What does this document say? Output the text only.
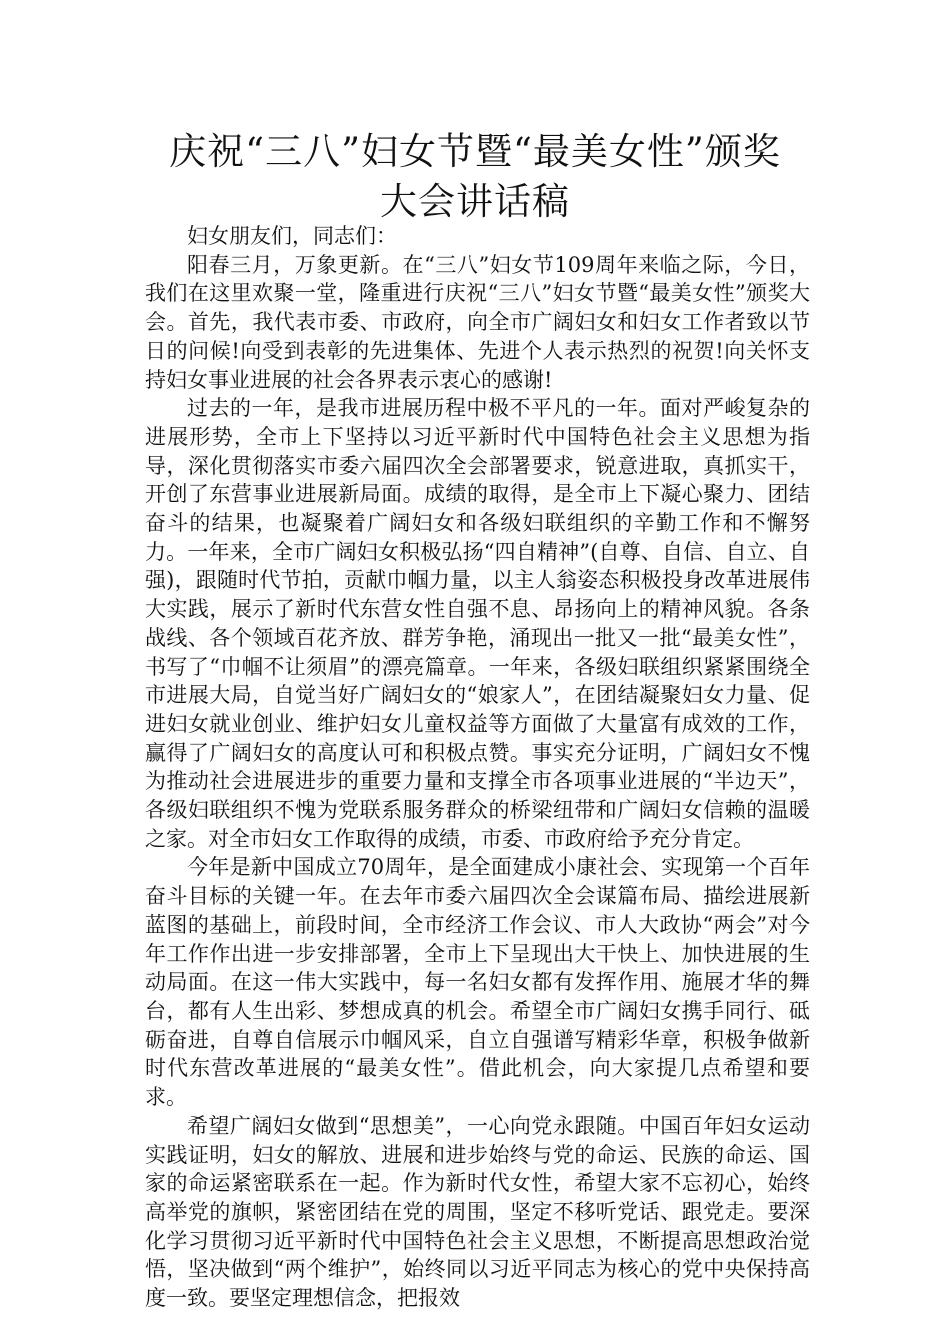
庆祝“三八”妇女节暨“最美女性”颁奖
大会讲话稿

妇女朋友们，同志们：

阳春三月，万象更新。在“三八”妇女节109周年来临之际，今日，我们在这里欢聚一堂，隆重进行庆祝“三八”妇女节暨“最美女性”颁奖大会。首先，我代表市委、市政府，向全市广阔妇女和妇女工作者致以节日的问候!向受到表彰的先进集体、先进个人表示热烈的祝贺!向关怀支持妇女事业进展的社会各界表示衷心的感谢!

过去的一年，是我市进展历程中极不平凡的一年。面对严峻复杂的进展形势，全市上下坚持以习近平新时代中国特色社会主义思想为指导，深化贯彻落实市委六届四次全会部署要求，锐意进取，真抓实干，开创了东营事业进展新局面。成绩的取得，是全市上下凝心聚力、团结奋斗的结果，也凝聚着广阔妇女和各级妇联组织的辛勤工作和不懈努力。一年来，全市广阔妇女积极弘扬“四自精神”(自尊、自信、自立、自强)，跟随时代节拍，贡献巾帼力量，以主人翁姿态积极投身改革进展伟大实践，展示了新时代东营女性自强不息、昂扬向上的精神风貌。各条战线、各个领域百花齐放、群芳争艳，涌现出一批又一批“最美女性”，书写了“巾帼不让须眉”的漂亮篇章。一年来，各级妇联组织紧紧围绕全市进展大局，自觉当好广阔妇女的“娘家人”，在团结凝聚妇女力量、促进妇女就业创业、维护妇女儿童权益等方面做了大量富有成效的工作，赢得了广阔妇女的高度认可和积极点赞。事实充分证明，广阔妇女不愧为推动社会进展进步的重要力量和支撑全市各项事业进展的“半边天”，各级妇联组织不愧为党联系服务群众的桥梁纽带和广阔妇女信赖的温暖之家。对全市妇女工作取得的成绩，市委、市政府给予充分肯定。

今年是新中国成立70周年，是全面建成小康社会、实现第一个百年奋斗目标的关键一年。在去年市委六届四次全会谋篇布局、描绘进展新蓝图的基础上，前段时间，全市经济工作会议、市人大政协“两会”对今年工作作出进一步安排部署，全市上下呈现出大干快上、加快进展的生动局面。在这一伟大实践中，每一名妇女都有发挥作用、施展才华的舞台，都有人生出彩、梦想成真的机会。希望全市广阔妇女携手同行、砥砺奋进，自尊自信展示巾帼风采，自立自强谱写精彩华章，积极争做新时代东营改革进展的“最美女性”。借此机会，向大家提几点希望和要求。

希望广阔妇女做到“思想美”，一心向党永跟随。中国百年妇女运动实践证明，妇女的解放、进展和进步始终与党的命运、民族的命运、国家的命运紧密联系在一起。作为新时代女性，希望大家不忘初心，始终高举党的旗帜，紧密团结在党的周围，坚定不移听党话、跟党走。要深化学习贯彻习近平新时代中国特色社会主义思想，不断提高思想政治觉悟，坚决做到“两个维护”，始终同以习近平同志为核心的党中央保持高度一致。要坚定理想信念，把报效
